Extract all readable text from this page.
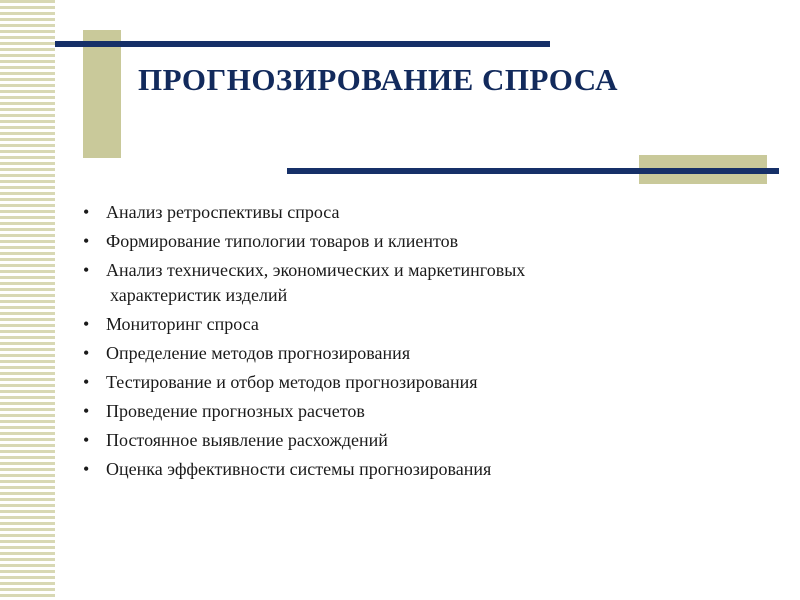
ПРОГНОЗИРОВАНИЕ СПРОСА
• Анализ ретроспективы спроса
• Формирование типологии товаров и клиентов
• Анализ технических, экономических и маркетинговых
характеристик изделий
• Мониторинг спроса
• Определение методов прогнозирования
• Тестирование и отбор методов прогнозирования
• Проведение прогнозных расчетов
• Постоянное выявление расхождений
• Оценка эффективности системы прогнозирования
